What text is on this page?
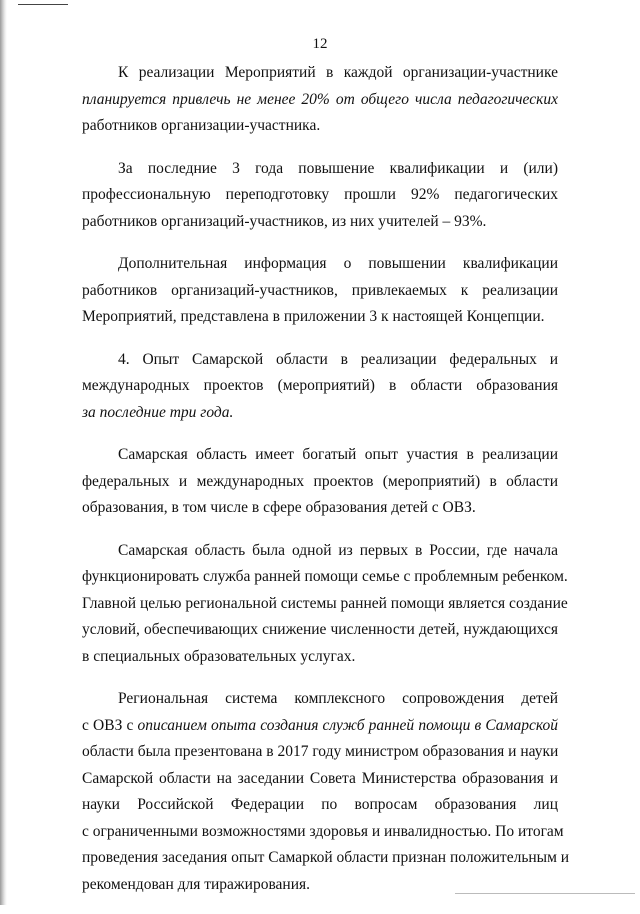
12
К реализации Мероприятий в каждой организации-участнике
планируется привлечь не менее 20% от общего числа педагогических
работников организации-участника.
За последние 3 года повышение квалификации и (или)
профессиональную переподготовку прошли 92% педагогических
работников организаций-участников, из них учителей – 93%.
Дополнительная информация о повышении квалификации
работников организаций-участников, привлекаемых к реализации
Мероприятий, представлена в приложении 3 к настоящей Концепции.
4. Опыт Самарской области в реализации федеральных и
международных проектов (мероприятий) в области образования
за последние три года.
Самарская область имеет богатый опыт участия в реализации
федеральных и международных проектов (мероприятий) в области
образования, в том числе в сфере образования детей с ОВЗ.
Самарская область была одной из первых в России, где начала
функционировать служба ранней помощи семье с проблемным ребенком.
Главной целью региональной системы ранней помощи является создание
условий, обеспечивающих снижение численности детей, нуждающихся
в специальных образовательных услугах.
Региональная система комплексного сопровождения детей
с ОВЗ с описанием опыта создания служб ранней помощи в Самарской
области была презентована в 2017 году министром образования и науки
Самарской области на заседании Совета Министерства образования и
науки Российской Федерации по вопросам образования лиц
с ограниченными возможностями здоровья и инвалидностью. По итогам
проведения заседания опыт Самаркой области признан положительным и
рекомендован для тиражирования.
